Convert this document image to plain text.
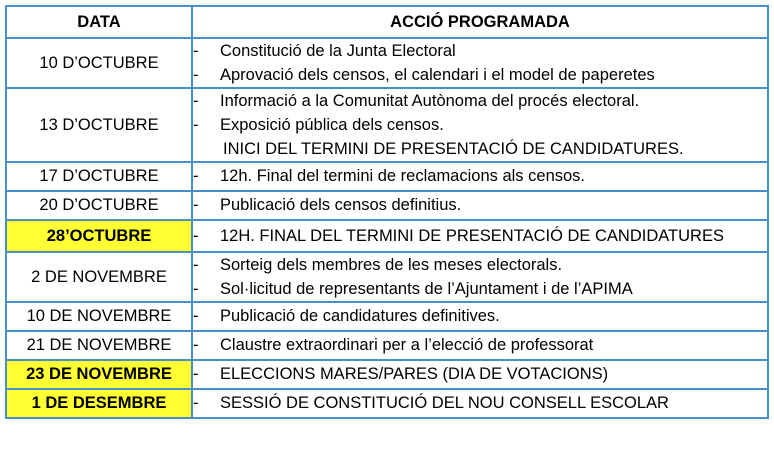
DATA	ACCIÓ PROGRAMADA
10 D’OCTUBRE	- Constitució de la Junta Electoral
- Aprovació dels censos, el calendari i el model de paperetes

13 D’OCTUBRE	- Informació a la Comunitat Autònoma del procés electoral.
- Exposició pública dels censos.
INICI DEL TERMINI DE PRESENTACIÓ DE CANDIDATURES.

17 D’OCTUBRE	- 12h. Final del termini de reclamacions als censos.

20 D’OCTUBRE	- Publicació dels censos definitius.

28’OCTUBRE	- 12H. FINAL DEL TERMINI DE PRESENTACIÓ DE CANDIDATURES

2 DE NOVEMBRE	- Sorteig dels membres de les meses electorals.
- Sol·licitud de representants de l’Ajuntament i de l’APIMA

10 DE NOVEMBRE	- Publicació de candidatures definitives.

21 DE NOVEMBRE	- Claustre extraordinari per a l’elecció de professorat

23 DE NOVEMBRE	- ELECCIONS MARES/PARES (DIA DE VOTACIONS)

1 DE DESEMBRE	- SESSIÓ DE CONSTITUCIÓ DEL NOU CONSELL ESCOLAR
